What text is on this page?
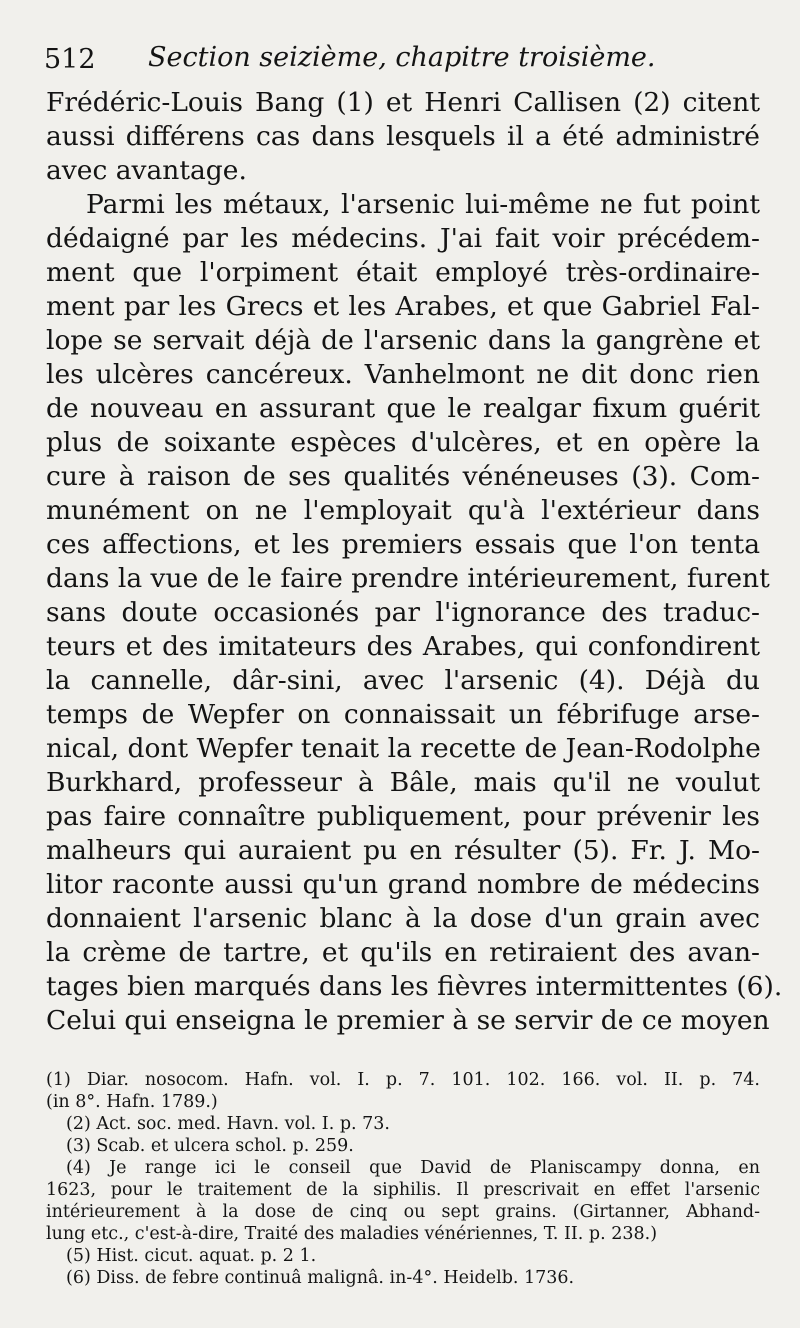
512 Section seizième, chapitre troisième.
Frédéric-Louis Bang (1) et Henri Callisen (2) citent
aussi différens cas dans lesquels il a été administré
avec avantage.
Parmi les métaux, l'arsenic lui-même ne fut point
dédaigné par les médecins. J'ai fait voir précédem-
ment que l'orpiment était employé très-ordinaire-
ment par les Grecs et les Arabes, et que Gabriel Fal-
lope se servait déjà de l'arsenic dans la gangrène et
les ulcères cancéreux. Vanhelmont ne dit donc rien
de nouveau en assurant que le realgar fixum guérit
plus de soixante espèces d'ulcères, et en opère la
cure à raison de ses qualités vénéneuses (3). Com-
munément on ne l'employait qu'à l'extérieur dans
ces affections, et les premiers essais que l'on tenta
dans la vue de le faire prendre intérieurement, furent
sans doute occasionés par l'ignorance des traduc-
teurs et des imitateurs des Arabes, qui confondirent
la cannelle, dâr-sini, avec l'arsenic (4). Déjà du
temps de Wepfer on connaissait un fébrifuge arse-
nical, dont Wepfer tenait la recette de Jean-Rodolphe
Burkhard, professeur à Bâle, mais qu'il ne voulut
pas faire connaître publiquement, pour prévenir les
malheurs qui auraient pu en résulter (5). Fr. J. Mo-
litor raconte aussi qu'un grand nombre de médecins
donnaient l'arsenic blanc à la dose d'un grain avec
la crème de tartre, et qu'ils en retiraient des avan-
tages bien marqués dans les fièvres intermittentes (6).
Celui qui enseigna le premier à se servir de ce moyen
(1) Diar. nosocom. Hafn. vol. I. p. 7. 101. 102. 166. vol. II. p. 74.
(in 8°. Hafn. 1789.)
(2) Act. soc. med. Havn. vol. I. p. 73.
(3) Scab. et ulcera schol. p. 259.
(4) Je range ici le conseil que David de Planiscampy donna, en
1623, pour le traitement de la siphilis. Il prescrivait en effet l'arsenic
intérieurement à la dose de cinq ou sept grains. (Girtanner, Abhand-
lung etc., c'est-à-dire, Traité des maladies vénériennes, T. II. p. 238.)
(5) Hist. cicut. aquat. p. 2 1.
(6) Diss. de febre continuâ malignâ. in-4°. Heidelb. 1736.
